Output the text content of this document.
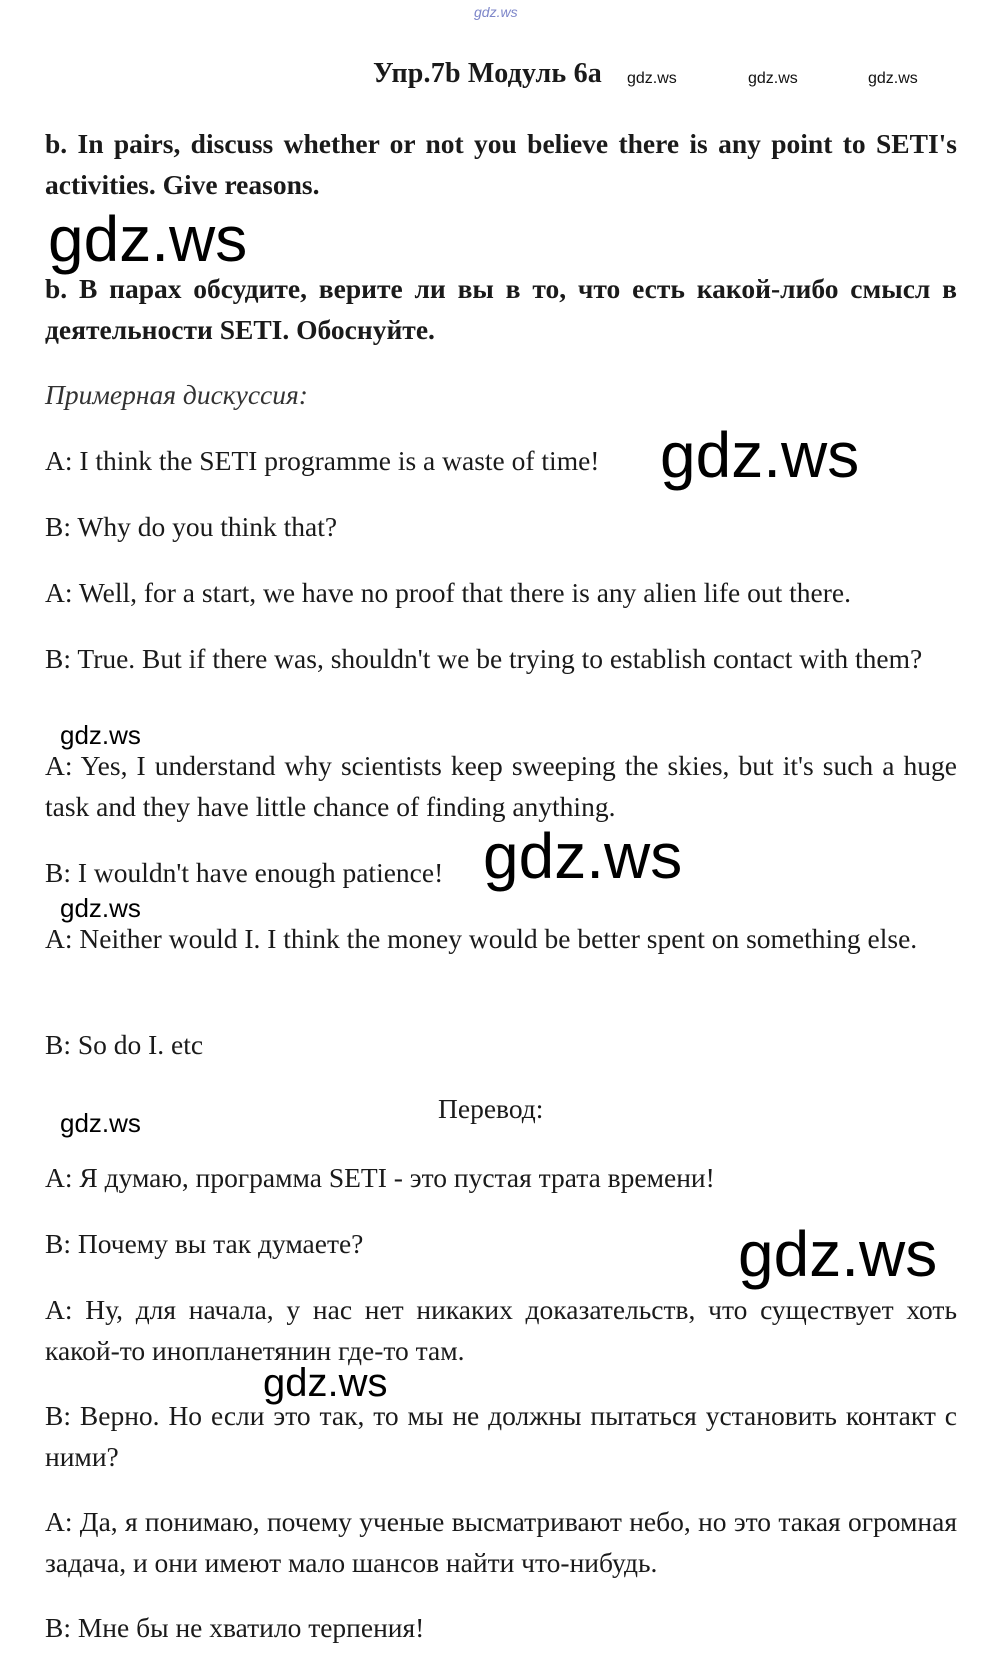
gdz.ws
Упр.7b Модуль 6a gdz.ws	gdz.ws	gdz.ws
b. In pairs, discuss whether or not you believe there is any point to SETI's activities. Give reasons.
gdz.ws
b. В парах обсудите, верите ли вы в то, что есть какой-либо смысл в деятельности SETI. Обоснуйте.
Примерная дискуссия:
A: I think the SETI programme is a waste of time! gdz.ws
B: Why do you think that?
A: Well, for a start, we have no proof that there is any alien life out there.
B: True. But if there was, shouldn't we be trying to establish contact with them?
gdz.ws
A: Yes, I understand why scientists keep sweeping the skies, but it's such a huge task and they have little chance of finding anything.
B: I wouldn't have enough patience! gdz.ws
gdz.ws
A: Neither would I. I think the money would be better spent on something else.
B: So do I. etc
Перевод:
gdz.ws
A: Я думаю, программа SETI - это пустая трата времени!
B: Почему вы так думаете?	gdz.ws
A: Ну, для начала, у нас нет никаких доказательств, что существует хоть какой-то инопланетянин где-то там.
gdz.ws
B: Верно. Но если это так, то мы не должны пытаться установить контакт с ними?
A: Да, я понимаю, почему ученые высматривают небо, но это такая огромная задача, и они имеют мало шансов найти что-нибудь.
B: Мне бы не хватило терпения!
